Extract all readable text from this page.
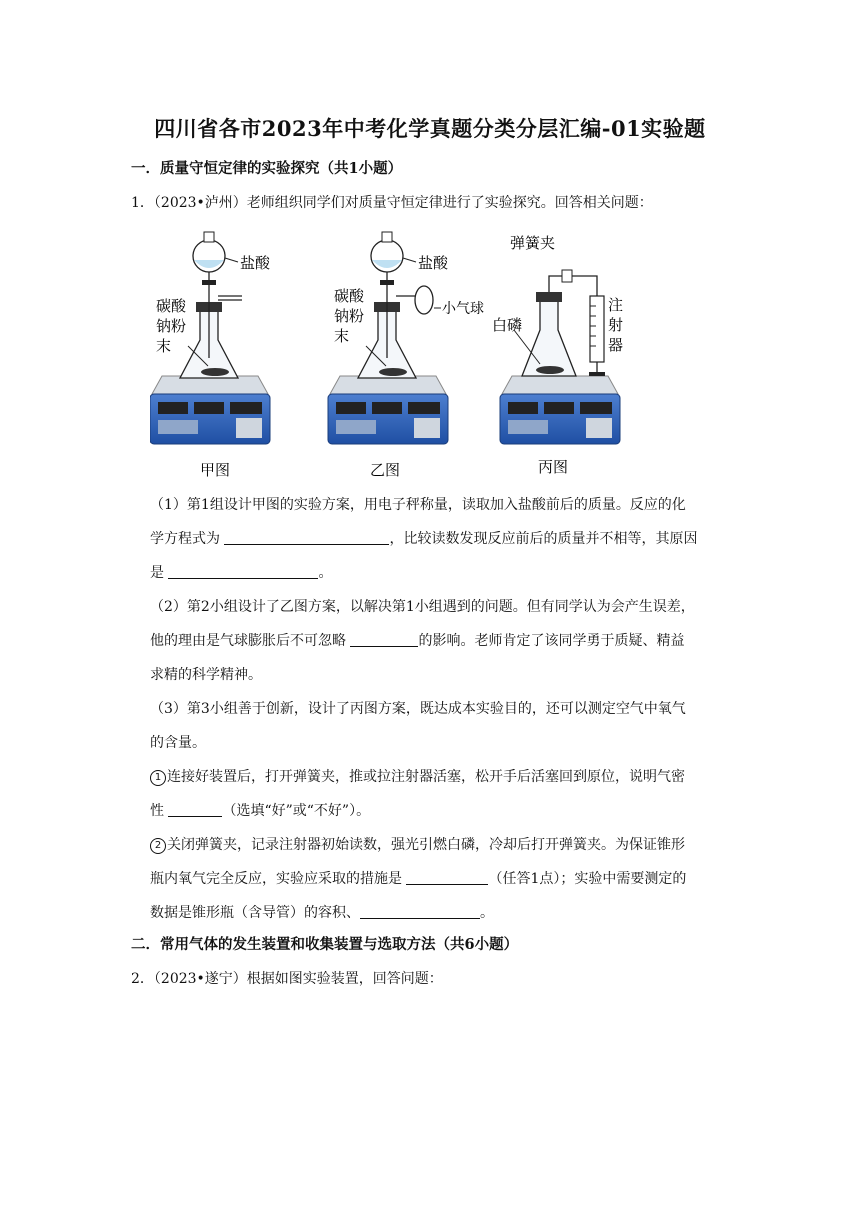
四川省各市2023年中考化学真题分类分层汇编-01实验题
一．质量守恒定律的实验探究（共1小题）
1．（2023•泸州）老师组织同学们对质量守恒定律进行了实验探究。回答相关问题：
盐酸
碳酸
钠粉
末
甲图
盐酸
小气球
碳酸
钠粉
末
乙图
弹簧夹
白磷
注
射
器
丙图
（1）第1组设计甲图的实验方案，用电子秤称量，读取加入盐酸前后的质量。反应的化
学方程式为	，比较读数发现反应前后的质量并不相等，其原因
是	。
（2）第2小组设计了乙图方案，以解决第1小组遇到的问题。但有同学认为会产生误差，
他的理由是气球膨胀后不可忽略	的影响。老师肯定了该同学勇于质疑、精益
求精的科学精神。
（3）第3小组善于创新，设计了丙图方案，既达成本实验目的，还可以测定空气中氧气
的含量。
1 连接好装置后，打开弹簧夹，推或拉注射器活塞，松开手后活塞回到原位，说明气密
性	（选填“好”或“不好”）。
2 关闭弹簧夹，记录注射器初始读数，强光引燃白磷，冷却后打开弹簧夹。为保证锥形
瓶内氧气完全反应，实验应采取的措施是	（任答1点）；实验中需要测定的
数据是锥形瓶（含导管）的容积、	。
二．常用气体的发生装置和收集装置与选取方法（共6小题）
2．（2023•遂宁）根据如图实验装置，回答问题：
